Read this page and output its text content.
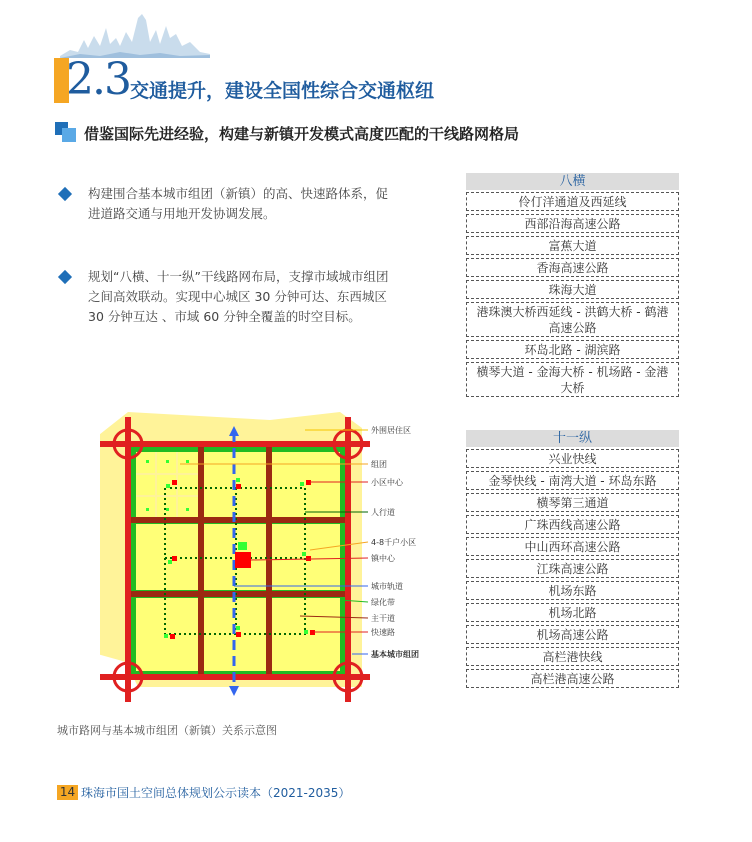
2.3 交通提升，建设全国性综合交通枢纽
借鉴国际先进经验，构建与新镇开发模式高度匹配的干线路网格局
构建围合基本城市组团（新镇）的高、快速路体系，促进道路交通与用地开发协调发展。
规划“八横、十一纵”干线路网布局，支撑市域城市组团之间高效联动。实现中心城区 30 分钟可达、东西城区 30 分钟互达 、市域 60 分钟全覆盖的时空目标。
八横
伶仃洋通道及西延线
西部沿海高速公路
富蕉大道
香海高速公路
珠海大道
港珠澳大桥西延线 - 洪鹤大桥 - 鹤港高速公路
环岛北路 - 湖滨路
横琴大道 - 金海大桥 - 机场路 - 金港大桥
十一纵
兴业快线
金琴快线 - 南湾大道 - 环岛东路
横琴第三通道
广珠西线高速公路
中山西环高速公路
江珠高速公路
机场东路
机场北路
机场高速公路
高栏港快线
高栏港高速公路
外围居住区
组团
小区中心
人行道
4-8千户小区
镇中心
城市轨道
绿化带
主干道
快速路
基本城市组团
城市路网与基本城市组团（新镇）关系示意图
14 珠海市国土空间总体规划公示读本（2021-2035）
